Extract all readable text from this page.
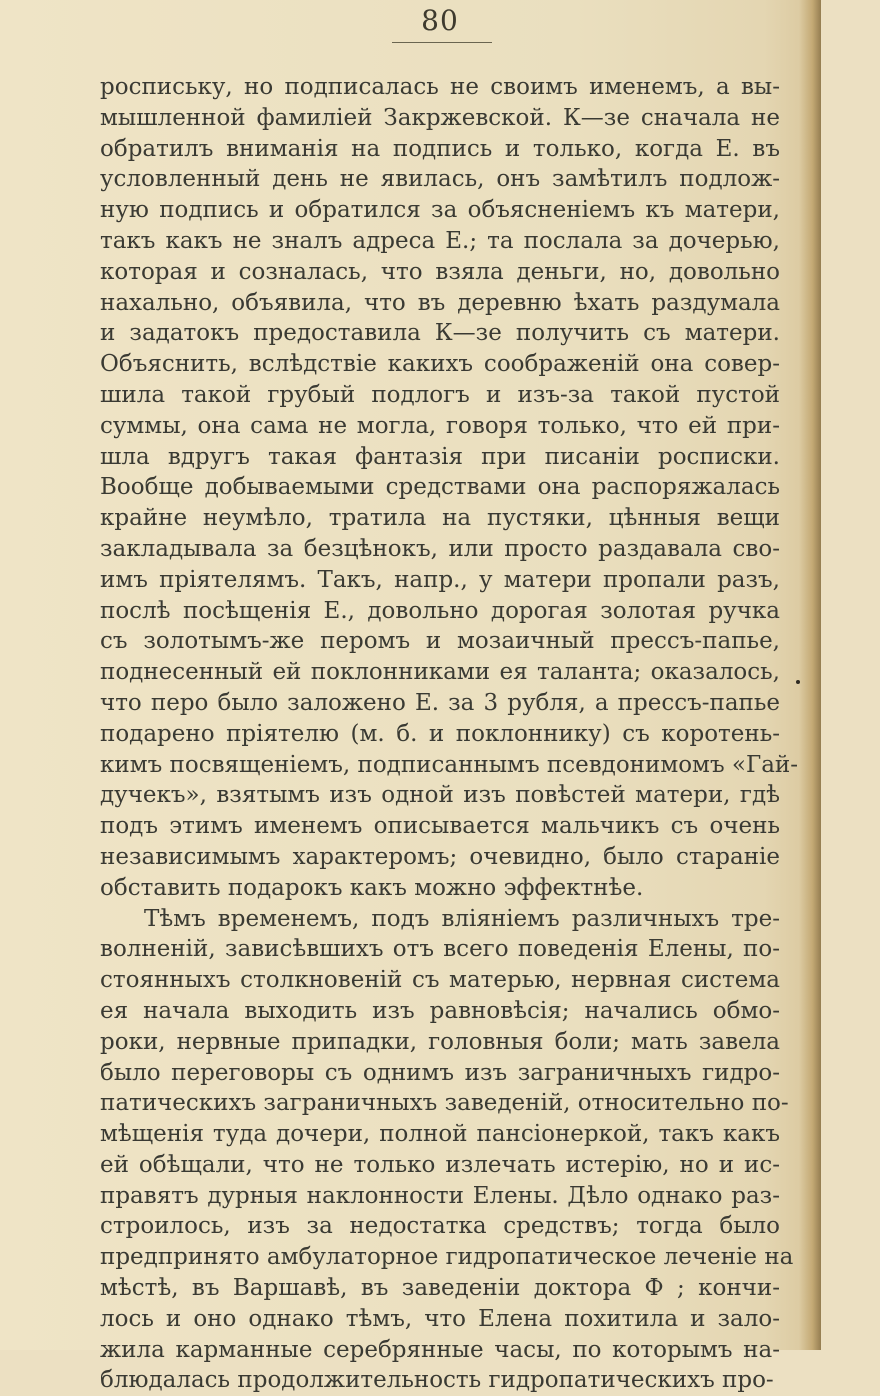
80
роспиську, но подписалась не своимъ именемъ, а вы-
мышленной фамиліей Закржевской. К—зе сначала не
обратилъ вниманія на подпись и только, когда Е. въ
условленный день не явилась, онъ замѣтилъ подлож-
ную подпись и обратился за объясненіемъ къ матери,
такъ какъ не зналъ адреса Е.; та послала за дочерью,
которая и созналась, что взяла деньги, но, довольно
нахально, объявила, что въ деревню ѣхать раздумала
и задатокъ предоставила К—зе получить съ матери.
Объяснить, вслѣдствіе какихъ соображеній она совер-
шила такой грубый подлогъ и изъ-за такой пустой
суммы, она сама не могла, говоря только, что ей при-
шла вдругъ такая фантазія при писаніи росписки.
Вообще добываемыми средствами она распоряжалась
крайне неумѣло, тратила на пустяки, цѣнныя вещи
закладывала за безцѣнокъ, или просто раздавала сво-
имъ пріятелямъ. Такъ, напр., у матери пропали разъ,
послѣ посѣщенія Е., довольно дорогая золотая ручка
съ золотымъ-же перомъ и мозаичный прессъ-папье,
поднесенный ей поклонниками ея таланта; оказалось,
что перо было заложено Е. за 3 рубля, а прессъ-папье
подарено пріятелю (м. б. и поклоннику) съ коротень-
кимъ посвященіемъ, подписаннымъ псевдонимомъ «Гай-
дучекъ», взятымъ изъ одной изъ повѣстей матери, гдѣ
подъ этимъ именемъ описывается мальчикъ съ очень
независимымъ характеромъ; очевидно, было стараніе
обставить подарокъ какъ можно эффектнѣе.
Тѣмъ временемъ, подъ вліяніемъ различныхъ тре-
волненій, зависѣвшихъ отъ всего поведенія Елены, по-
стоянныхъ столкновеній съ матерью, нервная система
ея начала выходить изъ равновѣсія; начались обмо-
роки, нервные припадки, головныя боли; мать завела
было переговоры съ однимъ изъ заграничныхъ гидро-
патическихъ заграничныхъ заведеній, относительно по-
мѣщенія туда дочери, полной пансіонеркой, такъ какъ
ей обѣщали, что не только излечать истерію, но и ис-
правятъ дурныя наклонности Елены. Дѣло однако раз-
строилось, изъ за недостатка средствъ; тогда было
предпринято амбулаторное гидропатическое леченіе на
мѣстѣ, въ Варшавѣ, въ заведеніи доктора Ф ; кончи-
лось и оно однако тѣмъ, что Елена похитила и зало-
жила карманные серебрянные часы, по которымъ на-
блюдалась продолжительность гидропатическихъ про-
